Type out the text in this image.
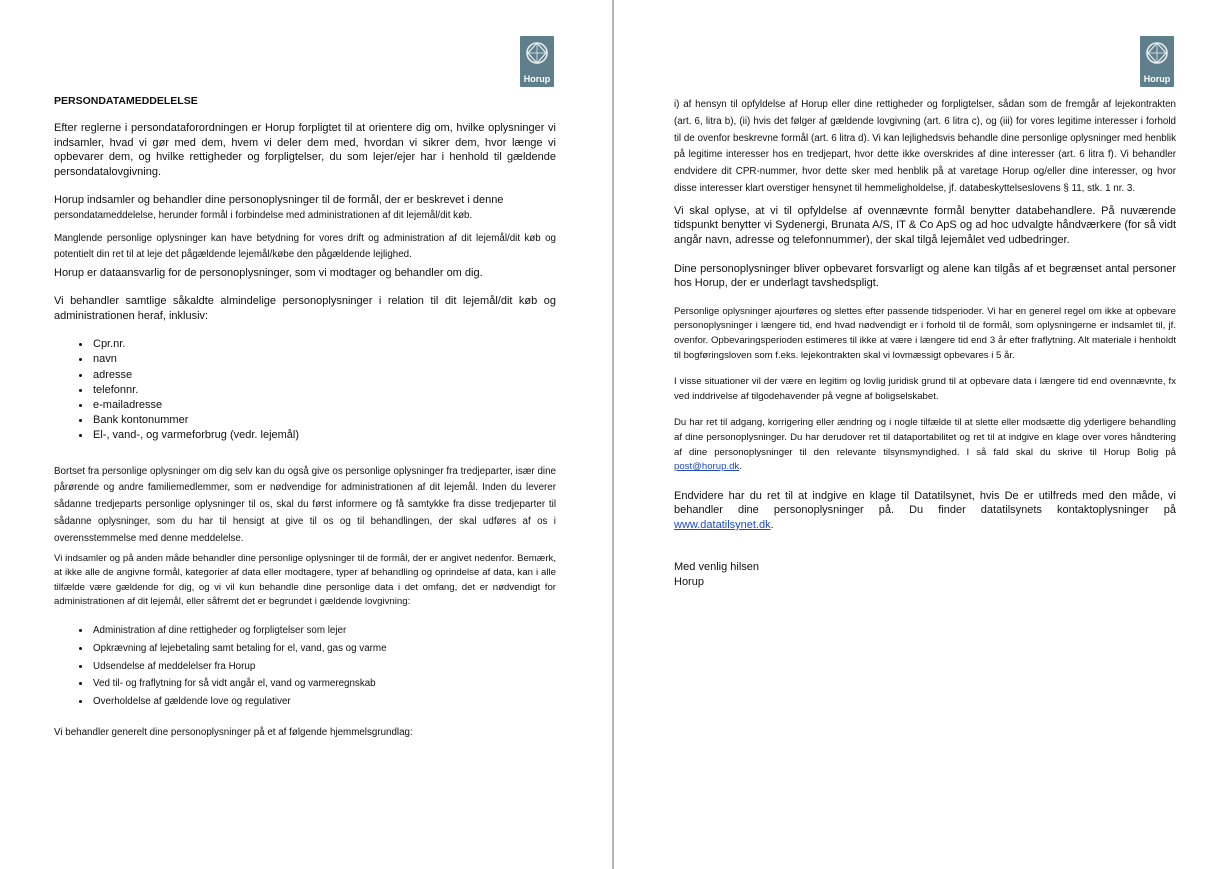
Horup

PERSONDATAMEDDELELSE

Efter reglerne i persondataforordningen er Horup forpligtet til at orientere dig om, hvilke oplysninger vi indsamler, hvad vi gør med dem, hvem vi deler dem med, hvordan vi sikrer dem, hvor længe vi opbevarer dem, og hvilke rettigheder og forpligtelser, du som lejer/ejer har i henhold til gældende persondatalovgivning.

Horup indsamler og behandler dine personoplysninger til de formål, der er beskrevet i denne

persondatameddelelse, herunder formål i forbindelse med administrationen af dit lejemål/dit køb.

Manglende personlige oplysninger kan have betydning for vores drift og administration af dit lejemål/dit køb og potentielt din ret til at leje det pågældende lejemål/købe den pågældende lejlighed.

Horup er dataansvarlig for de personoplysninger, som vi modtager og behandler om dig.

Vi behandler samtlige såkaldte almindelige personoplysninger i relation til dit lejemål/dit køb og administrationen heraf, inklusiv:

• Cpr.nr.
• navn
• adresse
• telefonnr.
• e-mailadresse
• Bank kontonummer
• El-, vand-, og varmeforbrug (vedr. lejemål)

Bortset fra personlige oplysninger om dig selv kan du også give os personlige oplysninger fra tredjeparter, især dine pårørende og andre familiemedlemmer, som er nødvendige for administrationen af dit lejemål. Inden du leverer sådanne tredjeparts personlige oplysninger til os, skal du først informere og få samtykke fra disse tredjeparter til sådanne oplysninger, som du har til hensigt at give til os og til behandlingen, der skal udføres af os i overensstemmelse med denne meddelelse.

Vi indsamler og på anden måde behandler dine personlige oplysninger til de formål, der er angivet nedenfor. Bemærk, at ikke alle de angivne formål, kategorier af data eller modtagere, typer af behandling og oprindelse af data, kan i alle tilfælde være gældende for dig, og vi vil kun behandle dine personlige data i det omfang, det er nødvendigt for administrationen af dit lejemål, eller såfremt det er begrundet i gældende lovgivning:

• Administration af dine rettigheder og forpligtelser som lejer
• Opkrævning af lejebetaling samt betaling for el, vand, gas og varme
• Udsendelse af meddelelser fra Horup
• Ved til- og fraflytning for så vidt angår el, vand og varmeregnskab
• Overholdelse af gældende love og regulativer

Vi behandler generelt dine personoplysninger på et af følgende hjemmelsgrundlag:

Horup

i) af hensyn til opfyldelse af Horup eller dine rettigheder og forpligtelser, sådan som de fremgår af lejekontrakten (art. 6, litra b), (ii) hvis det følger af gældende lovgivning (art. 6 litra c), og (iii) for vores legitime interesser i forhold til de ovenfor beskrevne formål (art. 6 litra d). Vi kan lejlighedsvis behandle dine personlige oplysninger med henblik på legitime interesser hos en tredjepart, hvor dette ikke overskrides af dine interesser (art. 6 litra f). Vi behandler endvidere dit CPR-nummer, hvor dette sker med henblik på at varetage Horup og/eller dine interesser, og hvor disse interesser klart overstiger hensynet til hemmeligholdelse, jf. databeskyttelseslovens § 11, stk. 1 nr. 3.

Vi skal oplyse, at vi til opfyldelse af ovennævnte formål benytter databehandlere. På nuværende tidspunkt benytter vi Sydenergi, Brunata A/S, IT & Co ApS og ad hoc udvalgte håndværkere (for så vidt angår navn, adresse og telefonnummer), der skal tilgå lejemålet ved udbedringer.

Dine personoplysninger bliver opbevaret forsvarligt og alene kan tilgås af et begrænset antal personer hos Horup, der er underlagt tavshedspligt.

Personlige oplysninger ajourføres og slettes efter passende tidsperioder. Vi har en generel regel om ikke at opbevare personoplysninger i længere tid, end hvad nødvendigt er i forhold til de formål, som oplysningerne er indsamlet til, jf. ovenfor. Opbevaringsperioden estimeres til ikke at være i længere tid end 3 år efter fraflytning. Alt materiale i henholdt til bogføringsloven som f.eks. lejekontrakten skal vi lovmæssigt opbevares i 5 år.

I visse situationer vil der være en legitim og lovlig juridisk grund til at opbevare data i længere tid end ovennævnte, fx ved inddrivelse af tilgodehavender på vegne af boligselskabet.

Du har ret til adgang, korrigering eller ændring og i nogle tilfælde til at slette eller modsætte dig yderligere behandling af dine personoplysninger. Du har derudover ret til dataportabilitet og ret til at indgive en klage over vores håndtering af dine personoplysninger til den relevante tilsynsmyndighed. I så fald skal du skrive til Horup Bolig på post@horup.dk.

Endvidere har du ret til at indgive en klage til Datatilsynet, hvis De er utilfreds med den måde, vi behandler dine personoplysninger på. Du finder datatilsynets kontaktoplysninger på www.datatilsynet.dk.

Med venlig hilsen

Horup
